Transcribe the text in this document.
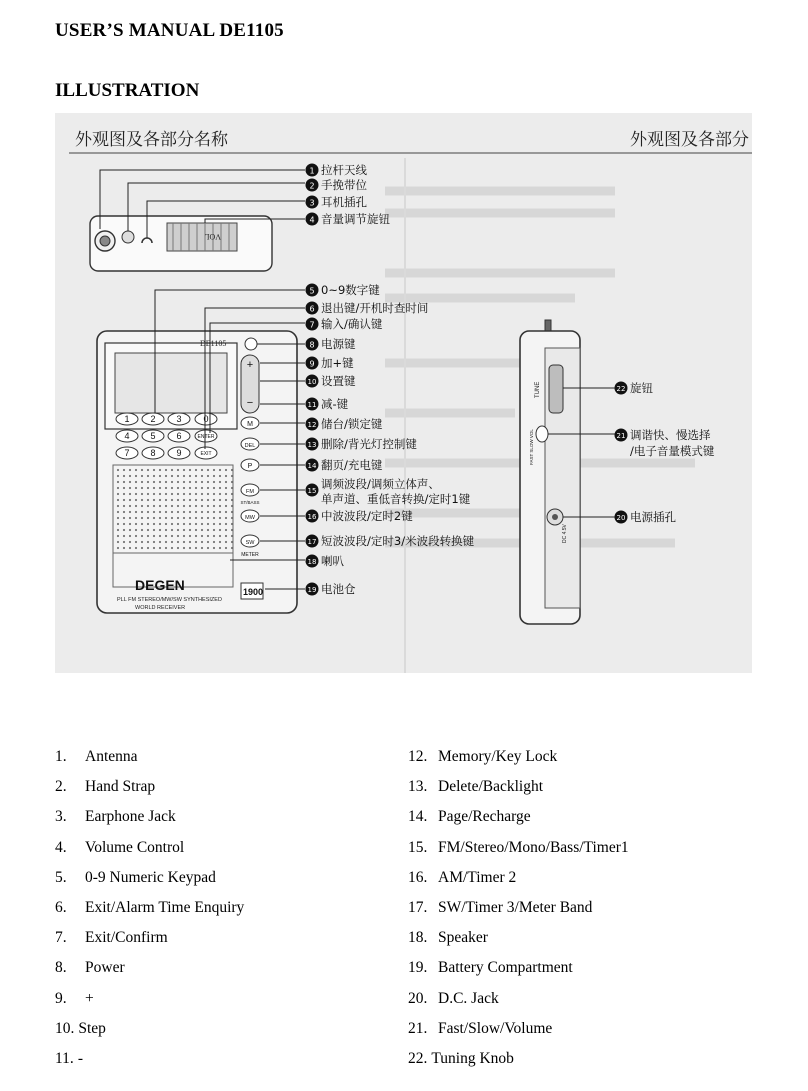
USER’S MANUAL DE1105
ILLUSTRATION
外观图及各部分名称	外观图及各部分
VOL
DE1105
DEGEN
PLL FM STEREO/MW/SW SYNTHESIZED
WORLD RECEIVER
1900
1 2 3 0
4 5 6	ENTER
7 8 9	EXIT
+
−
M
DEL
P
FM
ST/BASS
MW
SW
METER
1 拉杆天线
2 手挽带位
3 耳机插孔
4 音量调节旋钮
5 0~9数字键
6 退出键/开机时查时间
7 输入/确认键
8 电源键
9 加+键
10 设置键
11 减-键
12 储台/锁定键
13 删除/背光灯控制键
14 翻页/充电键
15 调频波段/调频立体声、
单声道、重低音转换/定时1键
16 中波波段/定时2键
17 短波波段/定时3/米波段转换键
18 喇叭
19 电池仓
TUNE
FAST SLOW VOL
DC 4.5V
22 旋钮
21 调谐快、慢选择
/电子音量模式键
20 电源插孔
1.	Antenna
2.	Hand Strap
3.	Earphone Jack
4.	Volume Control
5.	0-9 Numeric Keypad
6.	Exit/Alarm Time Enquiry
7.	Exit/Confirm
8.	Power
9.	+
10. Step
11. -
12. Memory/Key Lock
13. Delete/Backlight
14. Page/Recharge
15. FM/Stereo/Mono/Bass/Timer1
16. AM/Timer 2
17. SW/Timer 3/Meter Band
18. Speaker
19. Battery Compartment
20. D.C. Jack
21. Fast/Slow/Volume
22. Tuning Knob
